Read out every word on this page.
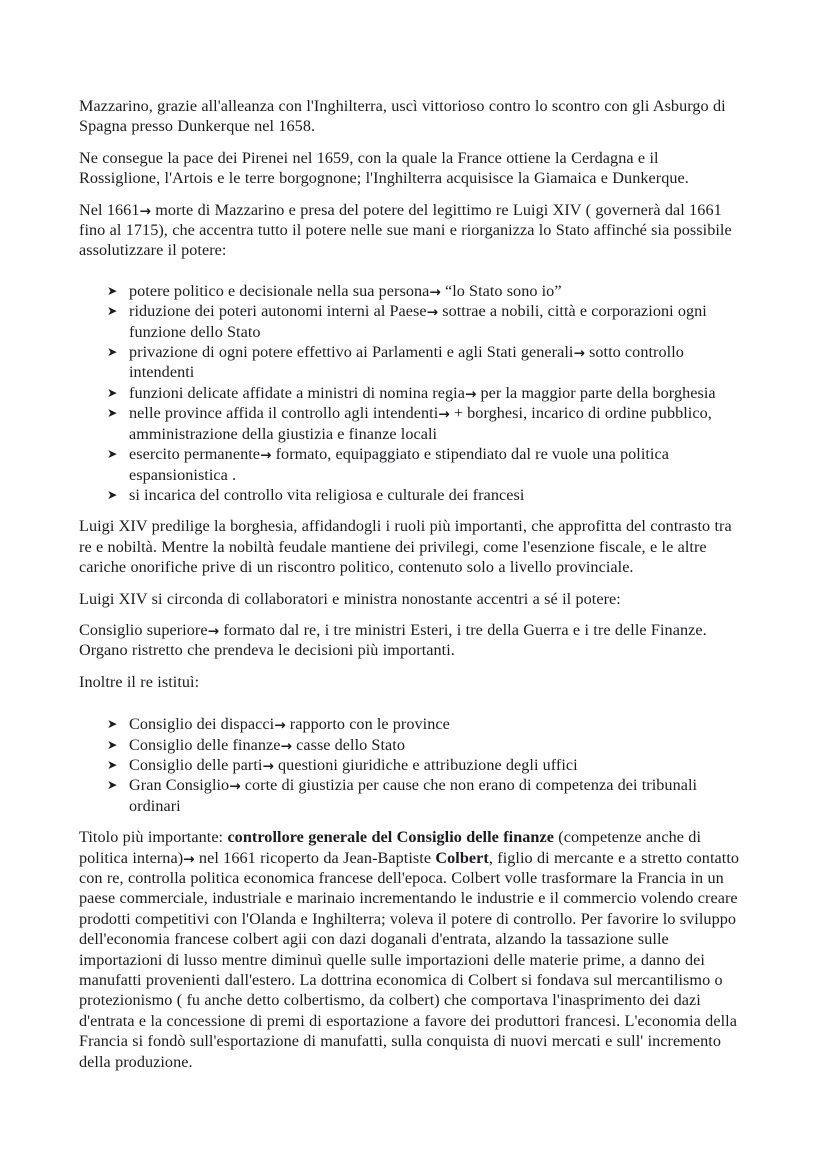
Mazzarino, grazie all'alleanza con l'Inghilterra, uscì vittorioso contro lo scontro con gli Asburgo di Spagna presso Dunkerque nel 1658.

Ne consegue la pace dei Pirenei nel 1659, con la quale la France ottiene la Cerdagna e il Rossiglione, l'Artois e le terre borgognone; l'Inghilterra acquisisce la Giamaica e Dunkerque.

Nel 1661→ morte di Mazzarino e presa del potere del legittimo re Luigi XIV ( governerà dal 1661 fino al 1715), che accentra tutto il potere nelle sue mani e riorganizza lo Stato affinché sia possibile assolutizzare il potere:

➤ potere politico e decisionale nella sua persona→ “lo Stato sono io”
➤ riduzione dei poteri autonomi interni al Paese→ sottrae a nobili, città e corporazioni ogni funzione dello Stato
➤ privazione di ogni potere effettivo ai Parlamenti e agli Stati generali→ sotto controllo intendenti
➤ funzioni delicate affidate a ministri di nomina regia→ per la maggior parte della borghesia
➤ nelle province affida il controllo agli intendenti→ + borghesi, incarico di ordine pubblico, amministrazione della giustizia e finanze locali
➤ esercito permanente→ formato, equipaggiato e stipendiato dal re vuole una politica espansionistica .
➤ si incarica del controllo vita religiosa e culturale dei francesi

Luigi XIV predilige la borghesia, affidandogli i ruoli più importanti, che approfitta del contrasto tra re e nobiltà. Mentre la nobiltà feudale mantiene dei privilegi, come l'esenzione fiscale, e le altre cariche onorifiche prive di un riscontro politico, contenuto solo a livello provinciale.

Luigi XIV si circonda di collaboratori e ministra nonostante accentri a sé il potere:

Consiglio superiore→ formato dal re, i tre ministri Esteri, i tre della Guerra e i tre delle Finanze. Organo ristretto che prendeva le decisioni più importanti.

Inoltre il re istituì:

➤ Consiglio dei dispacci→ rapporto con le province
➤ Consiglio delle finanze→ casse dello Stato
➤ Consiglio delle parti→ questioni giuridiche e attribuzione degli uffici
➤ Gran Consiglio→ corte di giustizia per cause che non erano di competenza dei tribunali ordinari

Titolo più importante: controllore generale del Consiglio delle finanze (competenze anche di politica interna)→ nel 1661 ricoperto da Jean-Baptiste Colbert, figlio di mercante e a stretto contatto con re, controlla politica economica francese dell'epoca. Colbert volle trasformare la Francia in un paese commerciale, industriale e marinaio incrementando le industrie e il commercio volendo creare prodotti competitivi con l'Olanda e Inghilterra; voleva il potere di controllo. Per favorire lo sviluppo dell'economia francese colbert agii con dazi doganali d'entrata, alzando la tassazione sulle importazioni di lusso mentre diminuì quelle sulle importazioni delle materie prime, a danno dei manufatti provenienti dall'estero. La dottrina economica di Colbert si fondava sul mercantilismo o protezionismo ( fu anche detto colbertismo, da colbert) che comportava l'inasprimento dei dazi d'entrata e la concessione di premi di esportazione a favore dei produttori francesi. L'economia della Francia si fondò sull'esportazione di manufatti, sulla conquista di nuovi mercati e sull' incremento della produzione.
